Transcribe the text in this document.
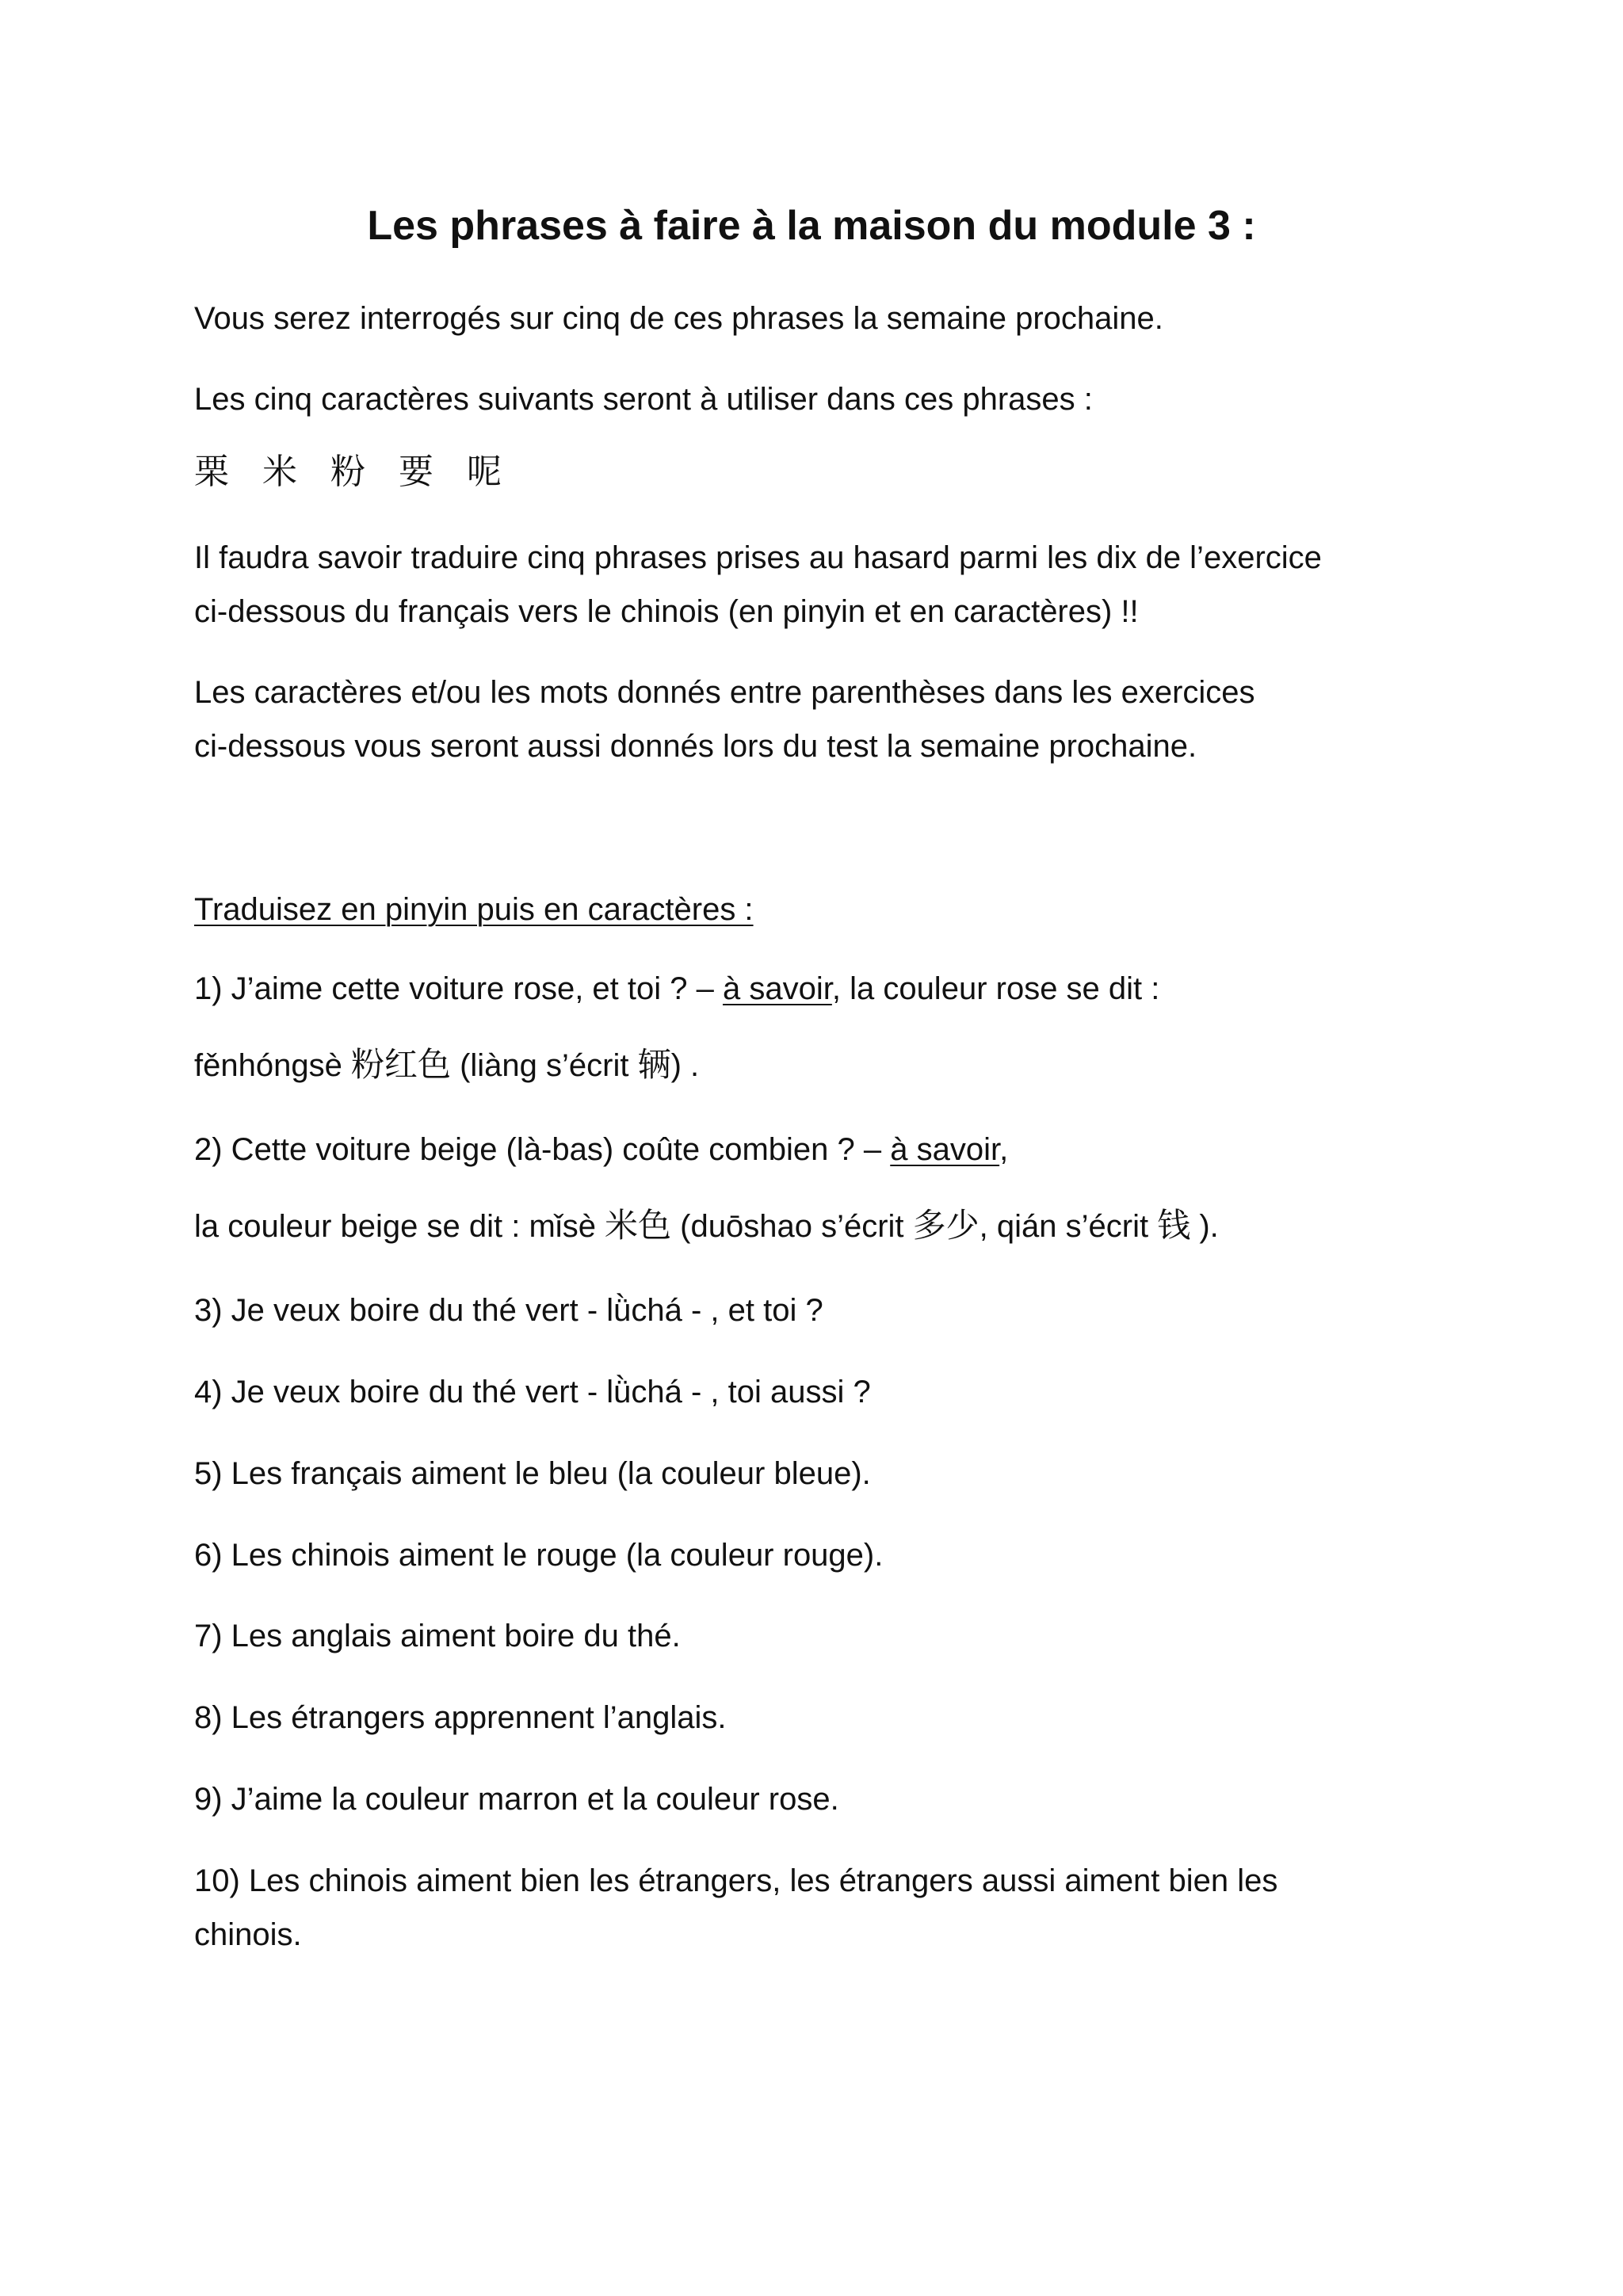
Les phrases à faire à la maison du module 3 :

Vous serez interrogés sur cinq de ces phrases la semaine prochaine.

Les cinq caractères suivants seront à utiliser dans ces phrases :

栗 米 粉 要 呢

Il faudra savoir traduire cinq phrases prises au hasard parmi les dix de l’exercice
ci-dessous du français vers le chinois (en pinyin et en caractères) !!
Les caractères et/ou les mots donnés entre parenthèses dans les exercices
ci-dessous vous seront aussi donnés lors du test la semaine prochaine.

Traduisez en pinyin puis en caractères :

1) J’aime cette voiture rose, et toi ? – à savoir, la couleur rose se dit :

fěnhóngsè 粉红色 (liàng s’écrit 辆) .

2) Cette voiture beige (là-bas) coûte combien ? – à savoir,

la couleur beige se dit : mǐsè 米色 (duōshao s’écrit 多少, qián s’écrit 钱 ).

3) Je veux boire du thé vert - lǜchá - , et toi ?

4) Je veux boire du thé vert - lǜchá - , toi aussi ?

5) Les français aiment le bleu (la couleur bleue).

6) Les chinois aiment le rouge (la couleur rouge).

7) Les anglais aiment boire du thé.

8) Les étrangers apprennent l’anglais.

9) J’aime la couleur marron et la couleur rose.

10) Les chinois aiment bien les étrangers, les étrangers aussi aiment bien les
chinois.
